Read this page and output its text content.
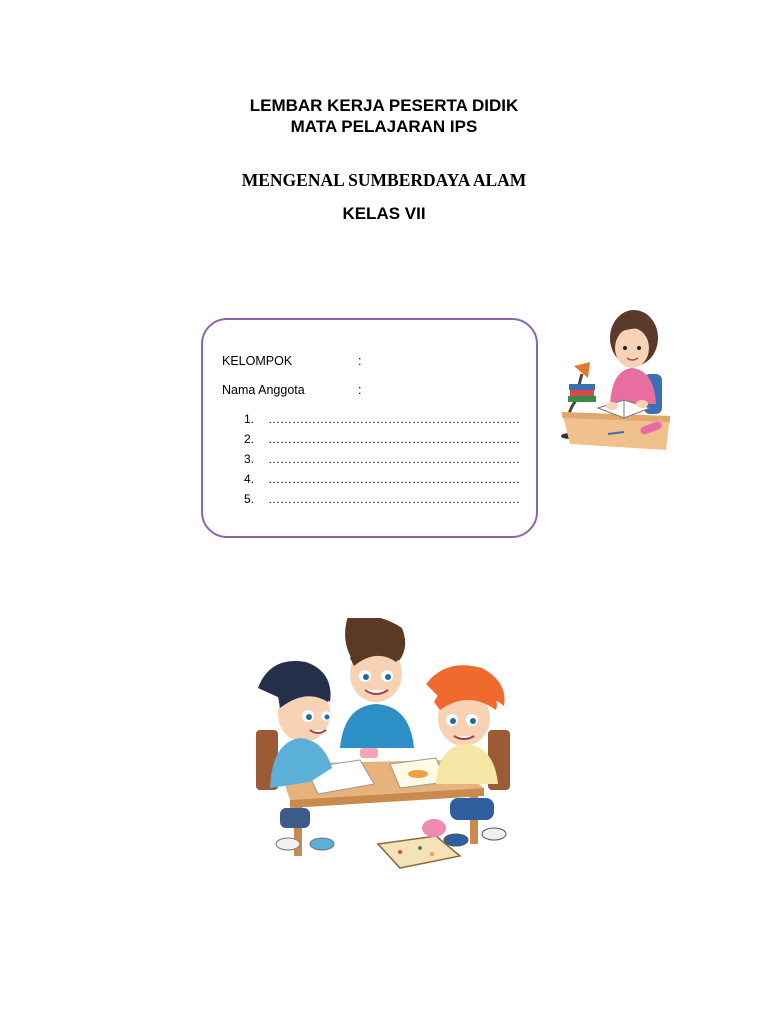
LEMBAR KERJA PESERTA DIDIK
MATA PELAJARAN IPS
MENGENAL SUMBERDAYA ALAM
KELAS VII
KELOMPOK	:
Nama Anggota	:
1. ………………………………………………………
2. ………………………………………………………
3. ………………………………………………………
4. ………………………………………………………
5. ………………………………………………………
